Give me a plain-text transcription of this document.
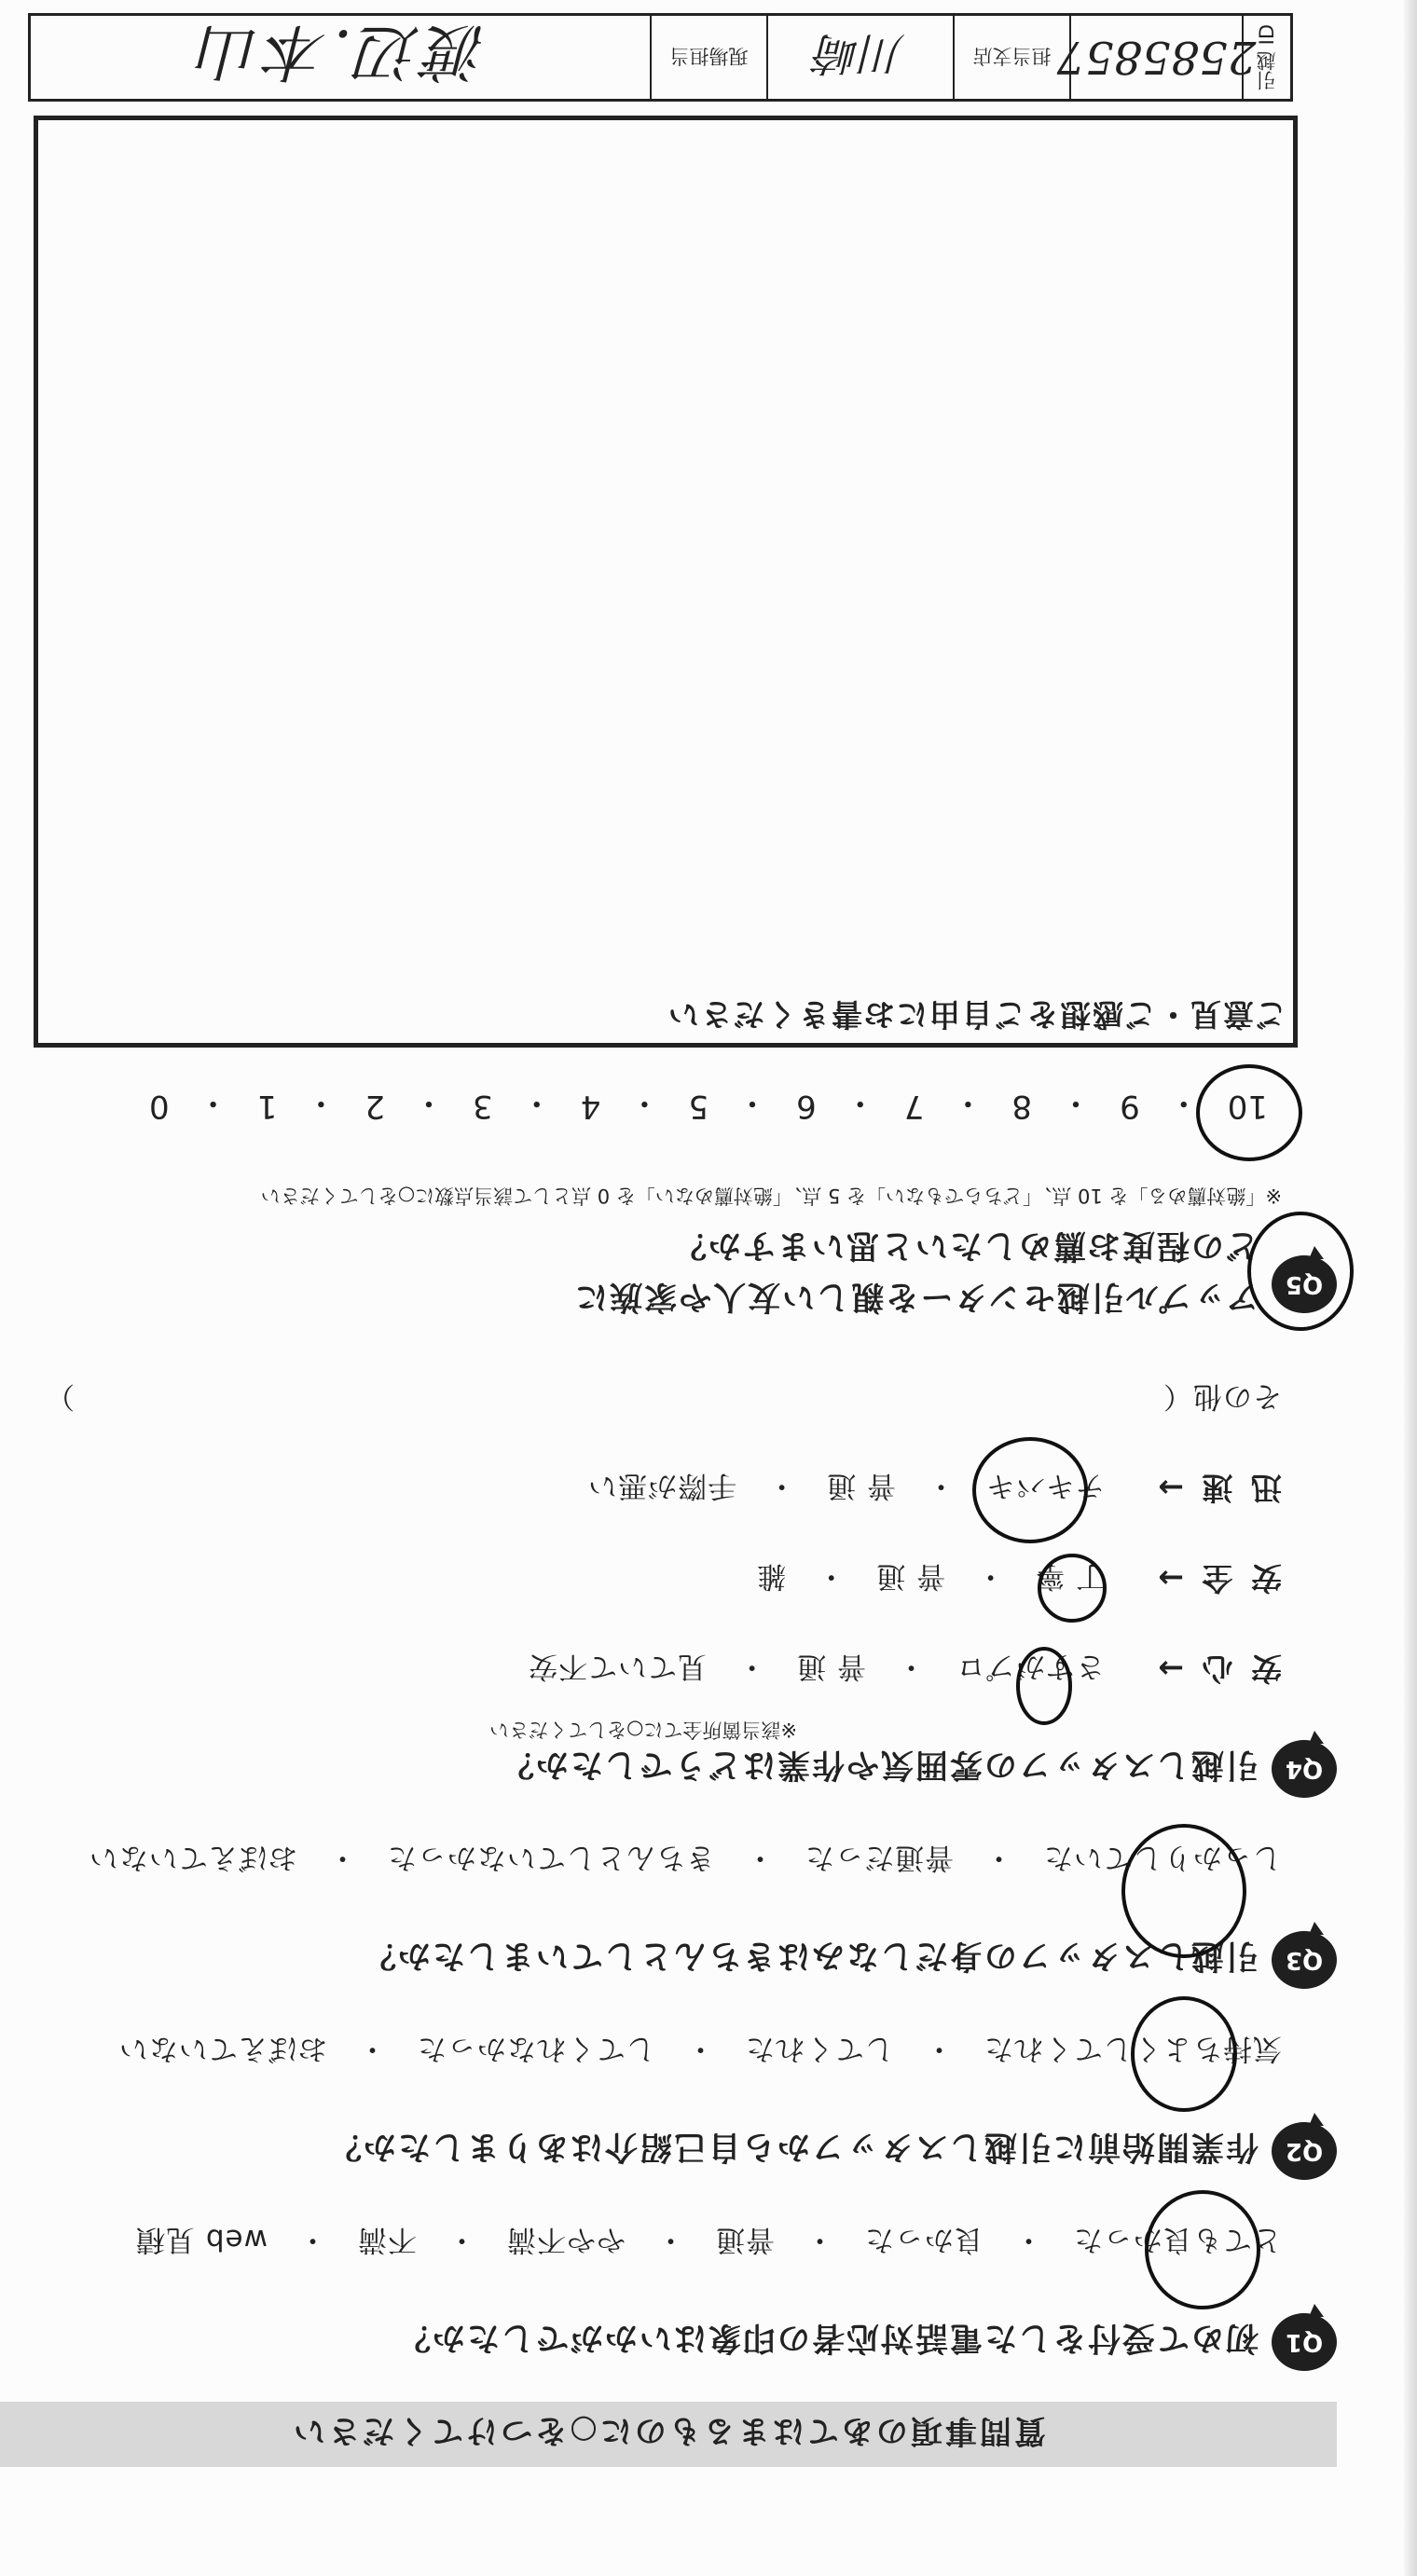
質問事項のあてはまるものに○をつけてください
Q1
初めて受付をした電話対応者の印象はいかがでしたか？
とても良かった　・　良かった　・　普通　・　やや不満　・　不満　・　web 見積
Q2
作業開始前に引越しスタッフから自己紹介はありましたか？
気持ちよくしてくれた　・　してくれた　・　してくれなかった　・　おぼえていない
Q3
引越しスタッフの身だしなみはきちんとしていましたか？
しっかりしていた　・　普通だった　・　きちんとしていなかった　・　おぼえていない
Q4
引越しスタッフの雰囲気や作業はどうでしたか？
※該当箇所全てに○をしてください
安 心 →
さすがプロ　・　普 通　・　見ていて不安
安 全 →
丁 寧　・　普 通　・　雑
迅 速 →
テキパキ　・　普 通　・　手際が悪い
その他（
）
Q5
アップル引越センターを親しい友人や家族に
どの程度お薦めしたいと思いますか？
※「絶対薦める」を 10 点、「どちらでもない」を 5 点、「絶対薦めない」を 0 点として該当点数に○をしてください
10
・
9
・
8
・
7
・
6
・
5
・
4
・
3
・
2
・
1
・
0
ご意見・ご感想をご自由にお書きください
引越 ID
2585857
担当支店
川崎
現場担当
渡辺.本山
